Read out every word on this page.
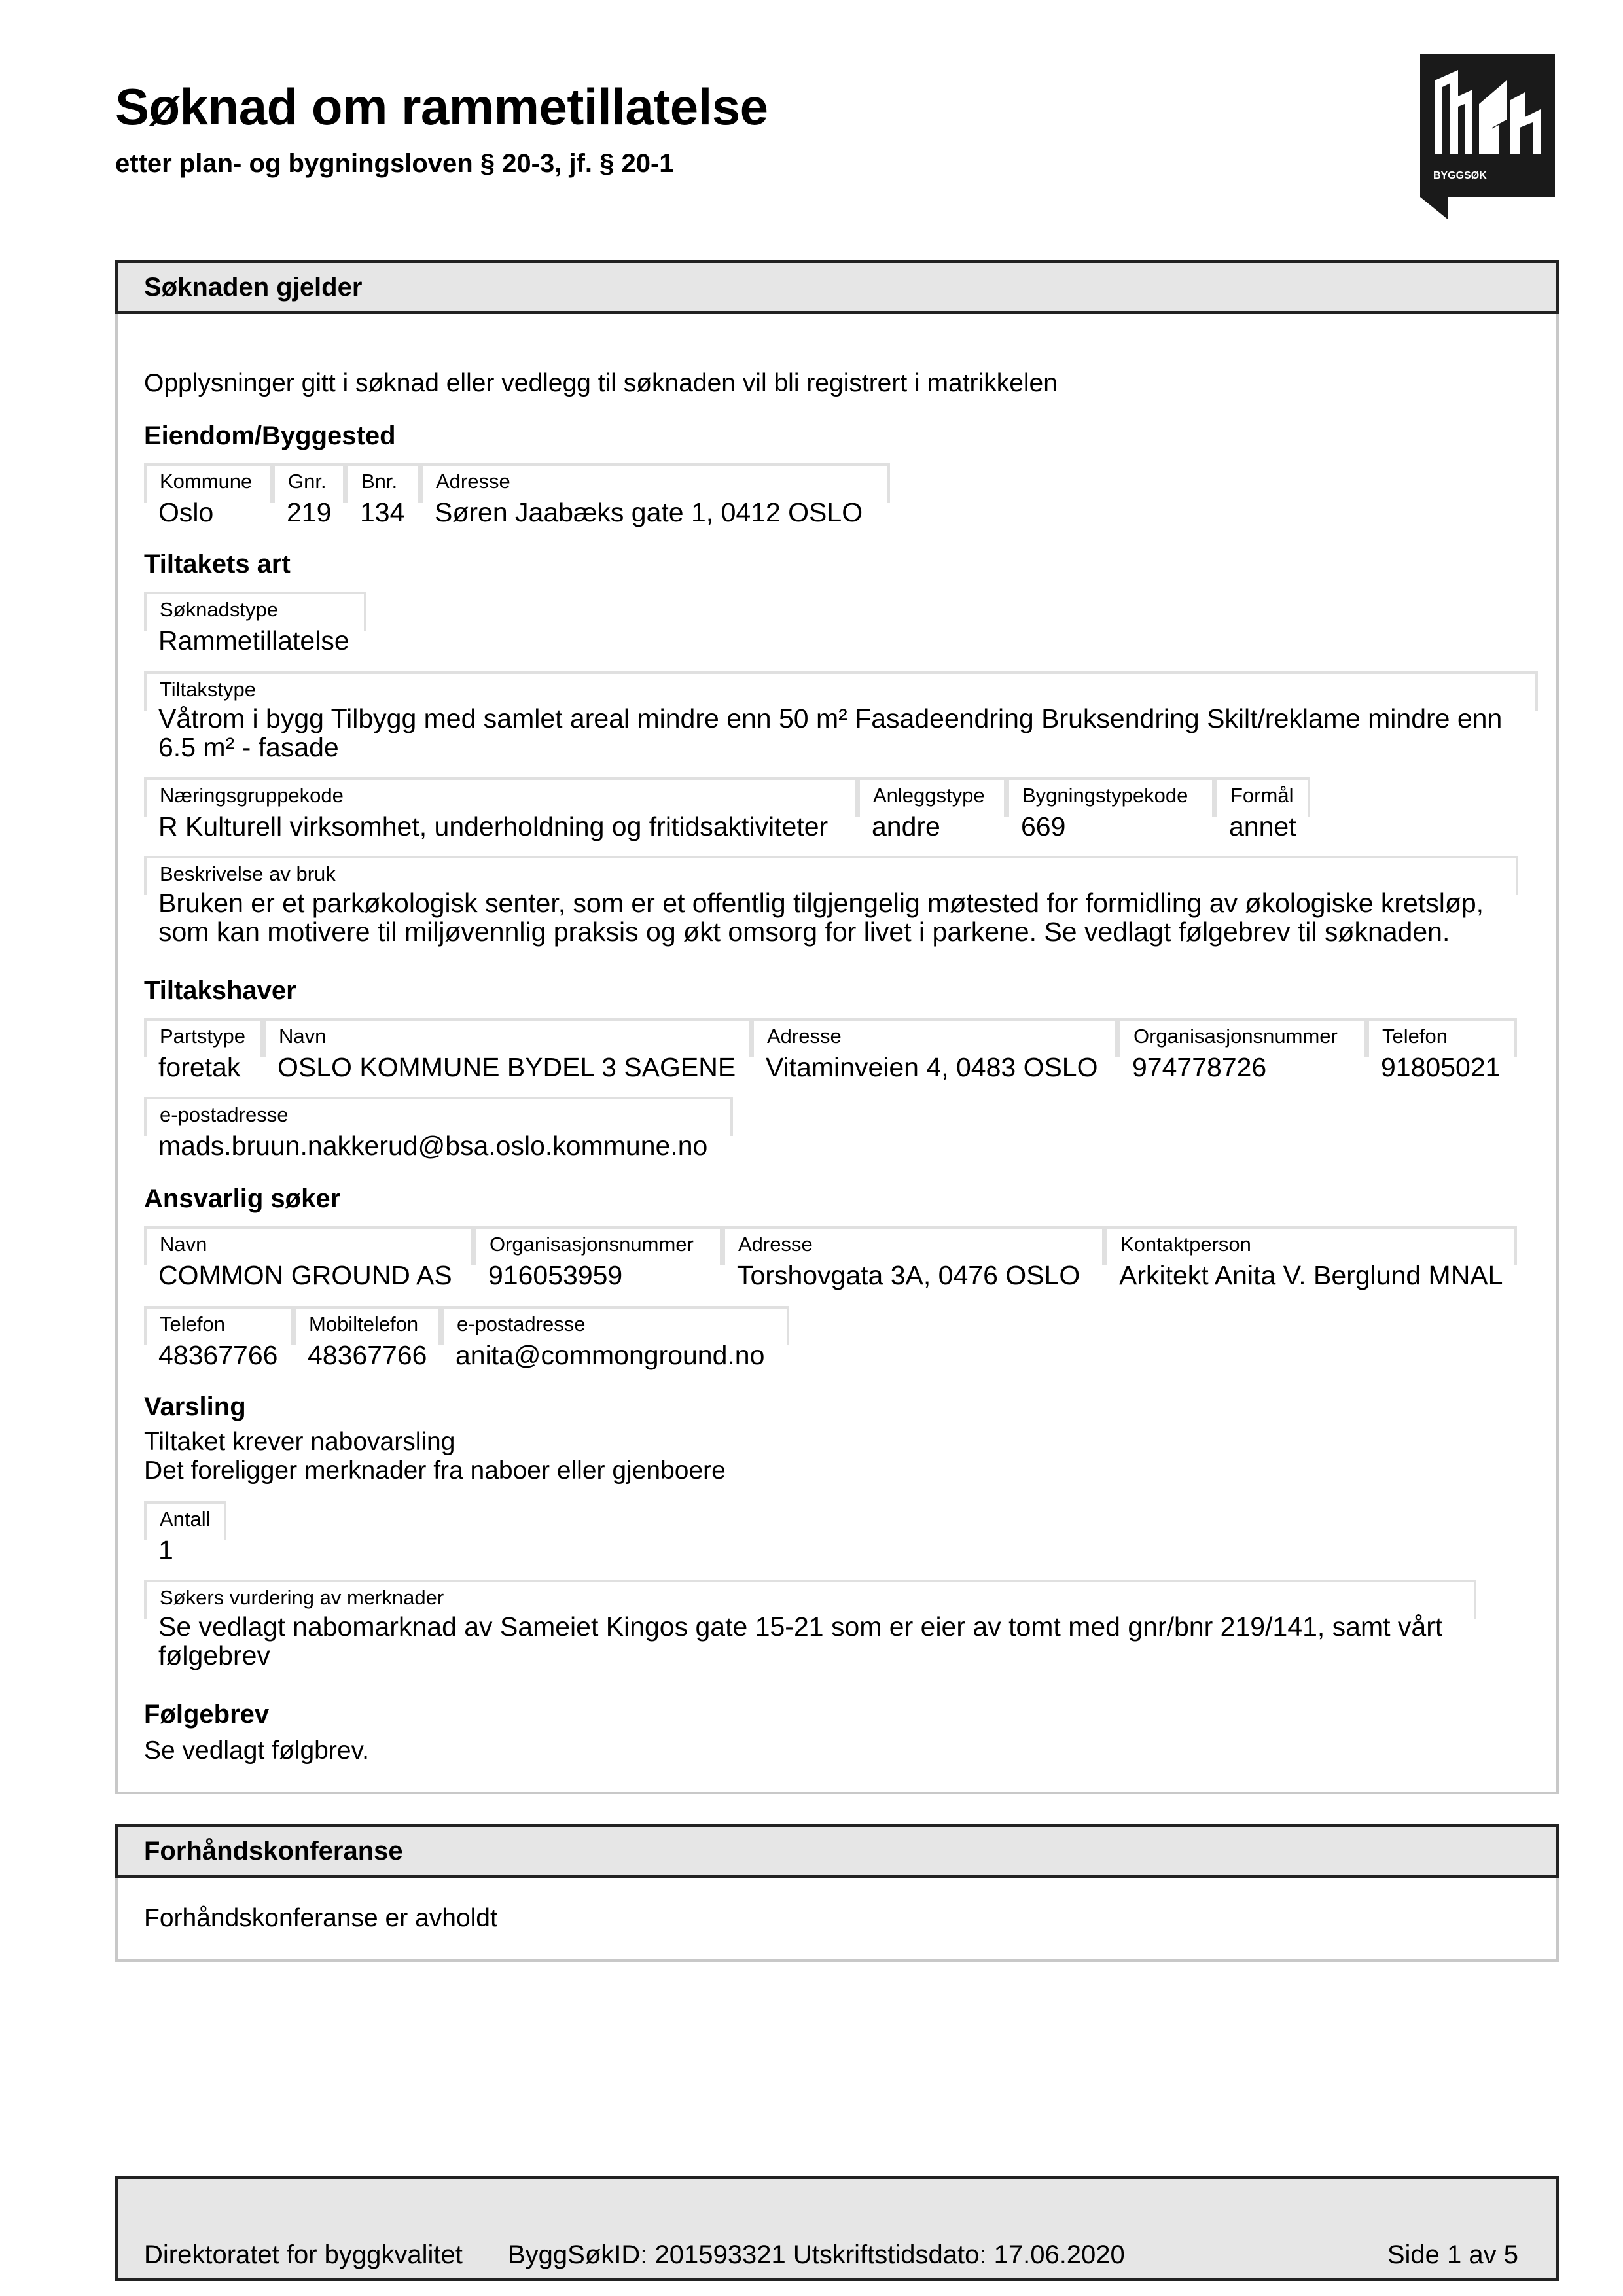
Søknad om rammetillatelse
etter plan- og bygningsloven § 20-3, jf. § 20-1	BYGGSØK
Søknaden gjelder
Opplysninger gitt i søknad eller vedlegg til søknaden vil bli registrert i matrikkelen
Eiendom/Byggested
Kommune
Oslo
Gnr.
219
Bnr.
134
Adresse
Søren Jaabæks gate 1, 0412 OSLO
Tiltakets art
Søknadstype
Rammetillatelse
Tiltakstype
Våtrom i bygg Tilbygg med samlet areal mindre enn 50 m² Fasadeendring Bruksendring Skilt/reklame mindre enn 6.5 m² - fasade
Næringsgruppekode
R Kulturell virksomhet, underholdning og fritidsaktiviteter
Anleggstype
andre
Bygningstypekode
669
Formål
annet
Beskrivelse av bruk
Bruken er et parkøkologisk senter, som er et offentlig tilgjengelig møtested for formidling av økologiske kretsløp, som kan motivere til miljøvennlig praksis og økt omsorg for livet i parkene. Se vedlagt følgebrev til søknaden.
Tiltakshaver
Partstype
foretak
Navn
OSLO KOMMUNE BYDEL 3 SAGENE
Adresse
Vitaminveien 4, 0483 OSLO
Organisasjonsnummer
974778726
Telefon
91805021
e-postadresse
mads.bruun.nakkerud@bsa.oslo.kommune.no
Ansvarlig søker
Navn
COMMON GROUND AS
Organisasjonsnummer
916053959
Adresse
Torshovgata 3A, 0476 OSLO
Kontaktperson
Arkitekt Anita V. Berglund MNAL
Telefon
48367766
Mobiltelefon
48367766
e-postadresse
anita@commonground.no
Varsling
Tiltaket krever nabovarsling
Det foreligger merknader fra naboer eller gjenboere
Antall
1
Søkers vurdering av merknader
Se vedlagt nabomarknad av Sameiet Kingos gate 15-21 som er eier av tomt med gnr/bnr 219/141, samt vårt følgebrev
Følgebrev
Se vedlagt følgbrev.
Forhåndskonferanse
Forhåndskonferanse er avholdt
Direktoratet for byggkvalitet ByggSøkID: 201593321 Utskriftstidsdato: 17.06.2020	Side 1 av 5
